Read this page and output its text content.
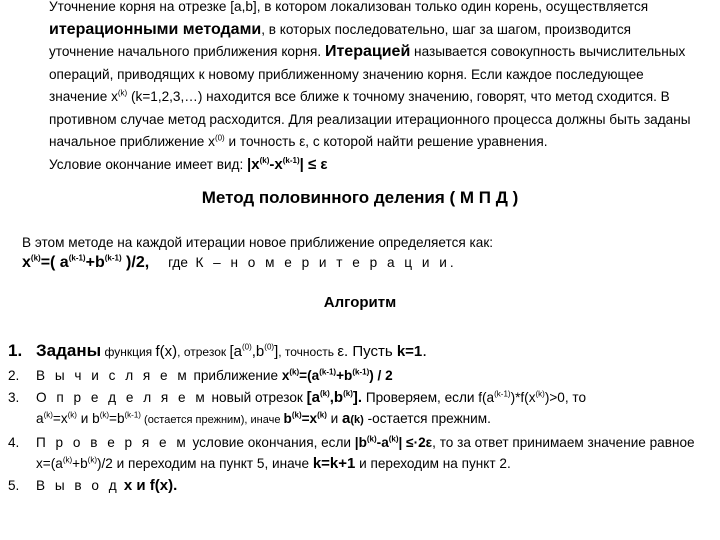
Уточнение корня на отрезке [a,b], в котором локализован только один корень, осуществляется итерационными методами, в которых последовательно, шаг за шагом, производится уточнение начального приближения корня. Итерацией называется совокупность вычислительных операций, приводящих к новому приближенному значению корня. Если каждое последующее значение $x^{(k)}$ (k=1,2,3,…) находится все ближе к точному значению, говорят, что метод сходится. В противном случае метод расходится. Для реализации итерационного процесса должны быть заданы начальное приближение $x^{(0)}$ и точность ε, с которой найти решение уравнения.
Условие окончание имеет вид: $|x^{(k)}-x^{(k-1)}| \le \varepsilon$
Метод половинного деления ( М П Д )
В этом методе на каждой итерации новое приближение определяется как:
$x^{(k)}=$( $a^{(k-1)}+b^{(k-1)}$ )/2, где К – н о м е р и т е р а ц и и.
Алгоритм
1. Заданы функция f(x), отрезок $[a^{(0)},b^{(0)}]$, точность ε. Пусть k=1.
2. В ы ч и с л я е м приближение $x^{(k)}=(a^{(k-1)}+b^{(k-1)}) / 2$
3. О п р е д е л я е м новый отрезок $[a^{(k)},b^{(k)}]$. Проверяем, если $f(a^{(k-1)})*f(x^{(k)})>0$, то
$a^{(k)}=x^{(k)}$ и $b^{(k)}=b^{(k-1)}$ (остается прежним), иначе $b^{(k)}=x^{(k)}$ и a(k) -остается прежним.
4. П р о в е р я е м условие окончания, если $|b^{(k)}-a^{(k)}| \le\cdot 2\varepsilon$, то за ответ принимаем значение равное $x=(a^{(k)}+b^{(k)})/2$ и переходим на пункт 5, иначе k=k+1 и переходим на пункт 2.
5. В ы в о д x и f(x).
